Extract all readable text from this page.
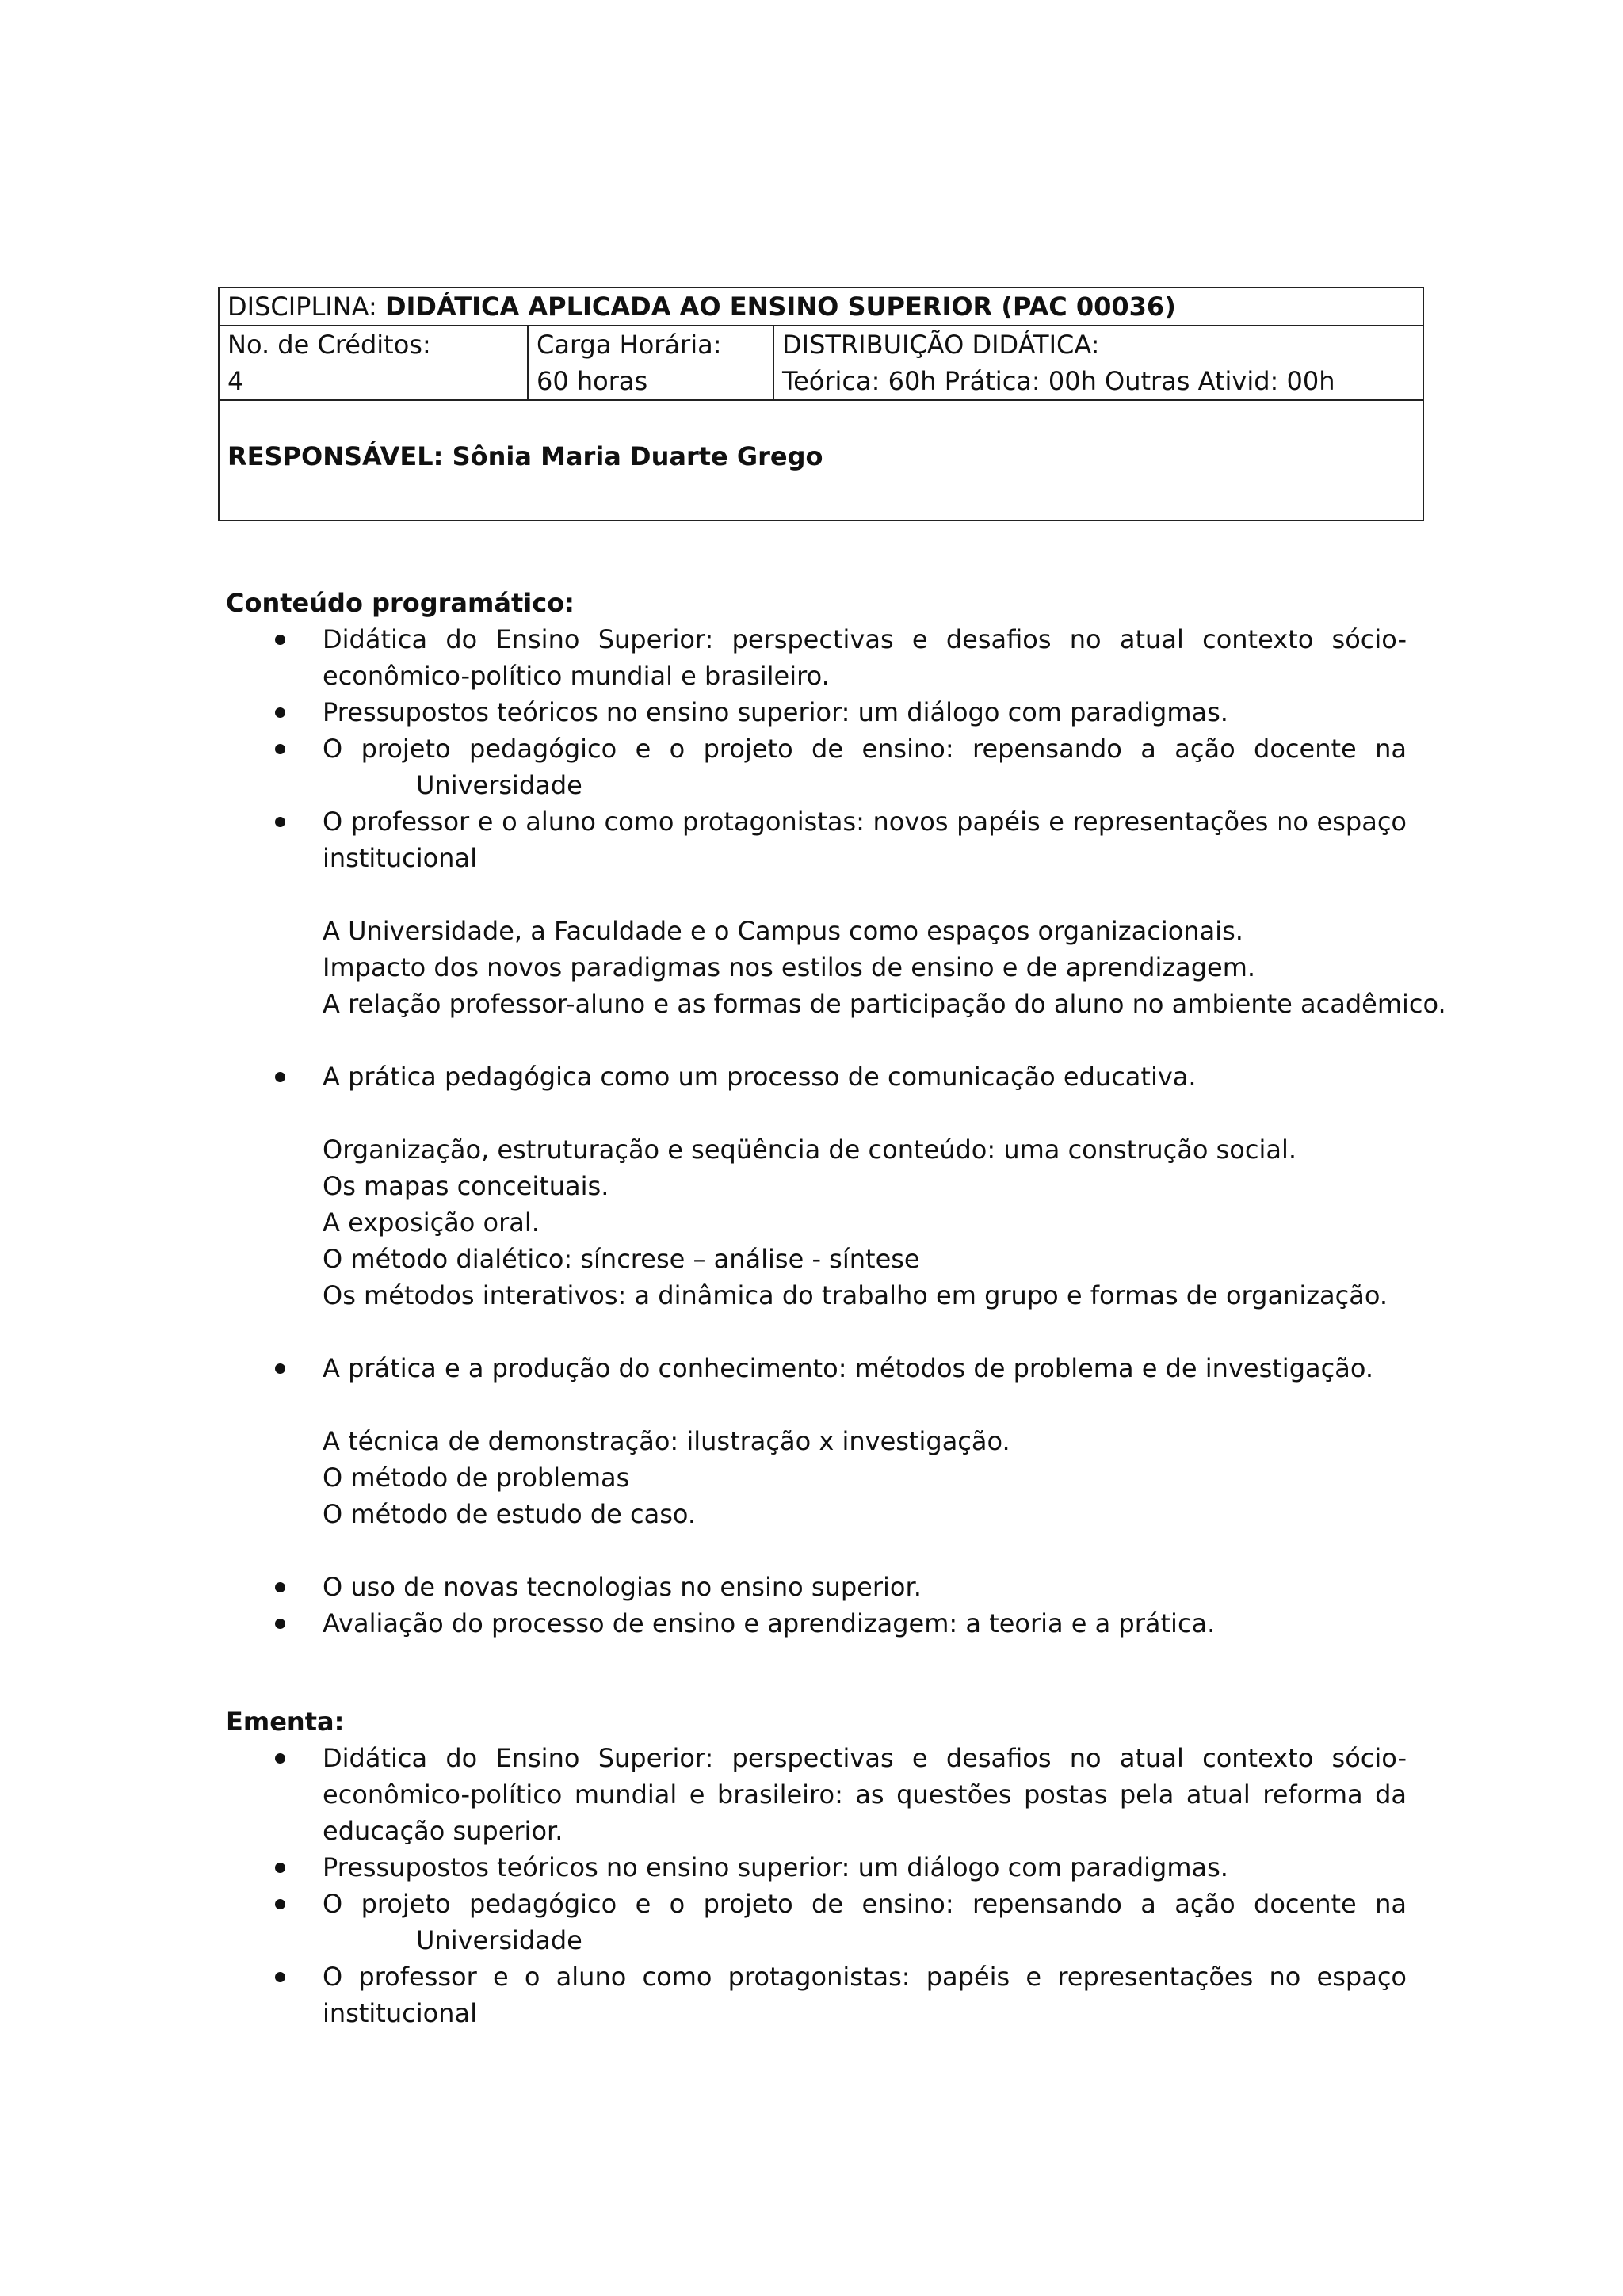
DISCIPLINA: DIDÁTICA APLICADA AO ENSINO SUPERIOR (PAC 00036)

No. de Créditos:
4

Carga Horária:
60 horas

DISTRIBUIÇÃO DIDÁTICA:
Teórica: 60h Prática: 00h Outras Ativid: 00h

RESPONSÁVEL: Sônia Maria Duarte Grego

Conteúdo programático:

Didática do Ensino Superior: perspectivas e desafios no atual contexto sócio-econômico-político mundial e brasileiro.
Pressupostos teóricos no ensino superior: um diálogo com paradigmas.
O projeto pedagógico e o projeto de ensino: repensando a ação docente na
Universidade
O professor e o aluno como protagonistas: novos papéis e representações no espaço institucional
A Universidade, a Faculdade e o Campus como espaços organizacionais.
Impacto dos novos paradigmas nos estilos de ensino e de aprendizagem.
A relação professor-aluno e as formas de participação do aluno no ambiente acadêmico.
A prática pedagógica como um processo de comunicação educativa.
Organização, estruturação e seqüência de conteúdo: uma construção social.
Os mapas conceituais.
A exposição oral.
O método dialético: síncrese – análise - síntese
Os métodos interativos: a dinâmica do trabalho em grupo e formas de organização.
A prática e a produção do conhecimento: métodos de problema e de investigação.
A técnica de demonstração: ilustração x investigação.
O método de problemas
O método de estudo de caso.
O uso de novas tecnologias no ensino superior.
Avaliação do processo de ensino e aprendizagem: a teoria e a prática.

Ementa:

Didática do Ensino Superior: perspectivas e desafios no atual contexto sócio-econômico-político mundial e brasileiro: as questões postas pela atual reforma da educação superior.
Pressupostos teóricos no ensino superior: um diálogo com paradigmas.
O projeto pedagógico e o projeto de ensino: repensando a ação docente na
Universidade
O professor e o aluno como protagonistas: papéis e representações no espaço institucional
